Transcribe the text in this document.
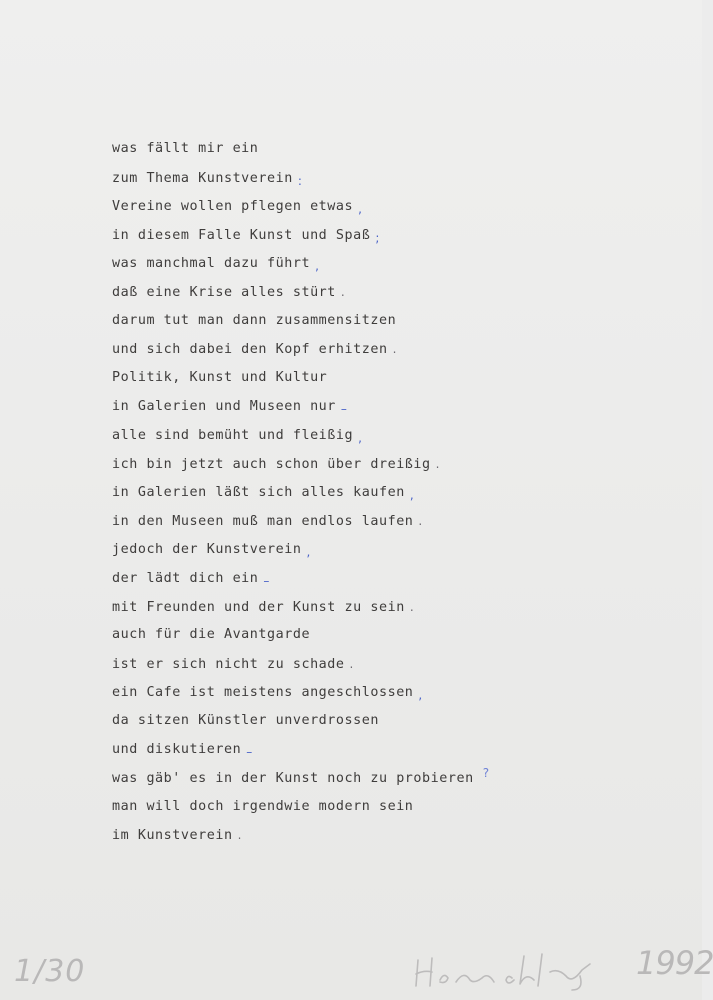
was fällt mir ein
zum Thema Kunstverein :
Vereine wollen pflegen etwas ,
in diesem Falle Kunst und Spaß ;
was manchmal dazu führt ,
daß eine Krise alles stürt .
darum tut man dann zusammensitzen
und sich dabei den Kopf erhitzen .
Politik, Kunst und Kultur
in Galerien und Museen nur –
alle sind bemüht und fleißig ,
ich bin jetzt auch schon über dreißig .
in Galerien läßt sich alles kaufen ,
in den Museen muß man endlos laufen .
jedoch der Kunstverein ,
der lädt dich ein –
mit Freunden und der Kunst zu sein .
auch für die Avantgarde
ist er sich nicht zu schade .
ein Cafe ist meistens angeschlossen ,
da sitzen Künstler unverdrossen
und diskutieren –
was gäb' es in der Kunst noch zu probieren ?
man will doch irgendwie modern sein
im Kunstverein .
1/30	1992
